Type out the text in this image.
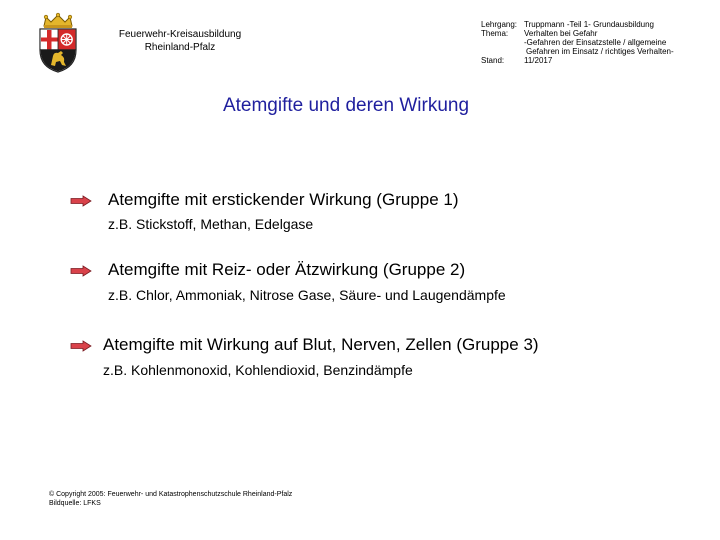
Feuerwehr-Kreisausbildung
Rheinland-Pfalz
Lehrgang: Truppmann -Teil 1- Grundausbildung
Thema: Verhalten bei Gefahr
-Gefahren der Einsatzstelle / allgemeine
Gefahren im Einsatz / richtiges Verhalten-
Stand: 11/2017
Atemgifte und deren Wirkung
Atemgifte mit erstickender Wirkung (Gruppe 1)
z.B. Stickstoff, Methan, Edelgase
Atemgifte mit Reiz- oder Ätzwirkung (Gruppe 2)
z.B. Chlor, Ammoniak, Nitrose Gase, Säure- und Laugendämpfe
Atemgifte mit Wirkung auf Blut, Nerven, Zellen (Gruppe 3)
z.B. Kohlenmonoxid, Kohlendioxid, Benzindämpfe
© Copyright 2005: Feuerwehr- und Katastrophenschutzschule Rheinland-Pfalz
Bildquelle: LFKS
